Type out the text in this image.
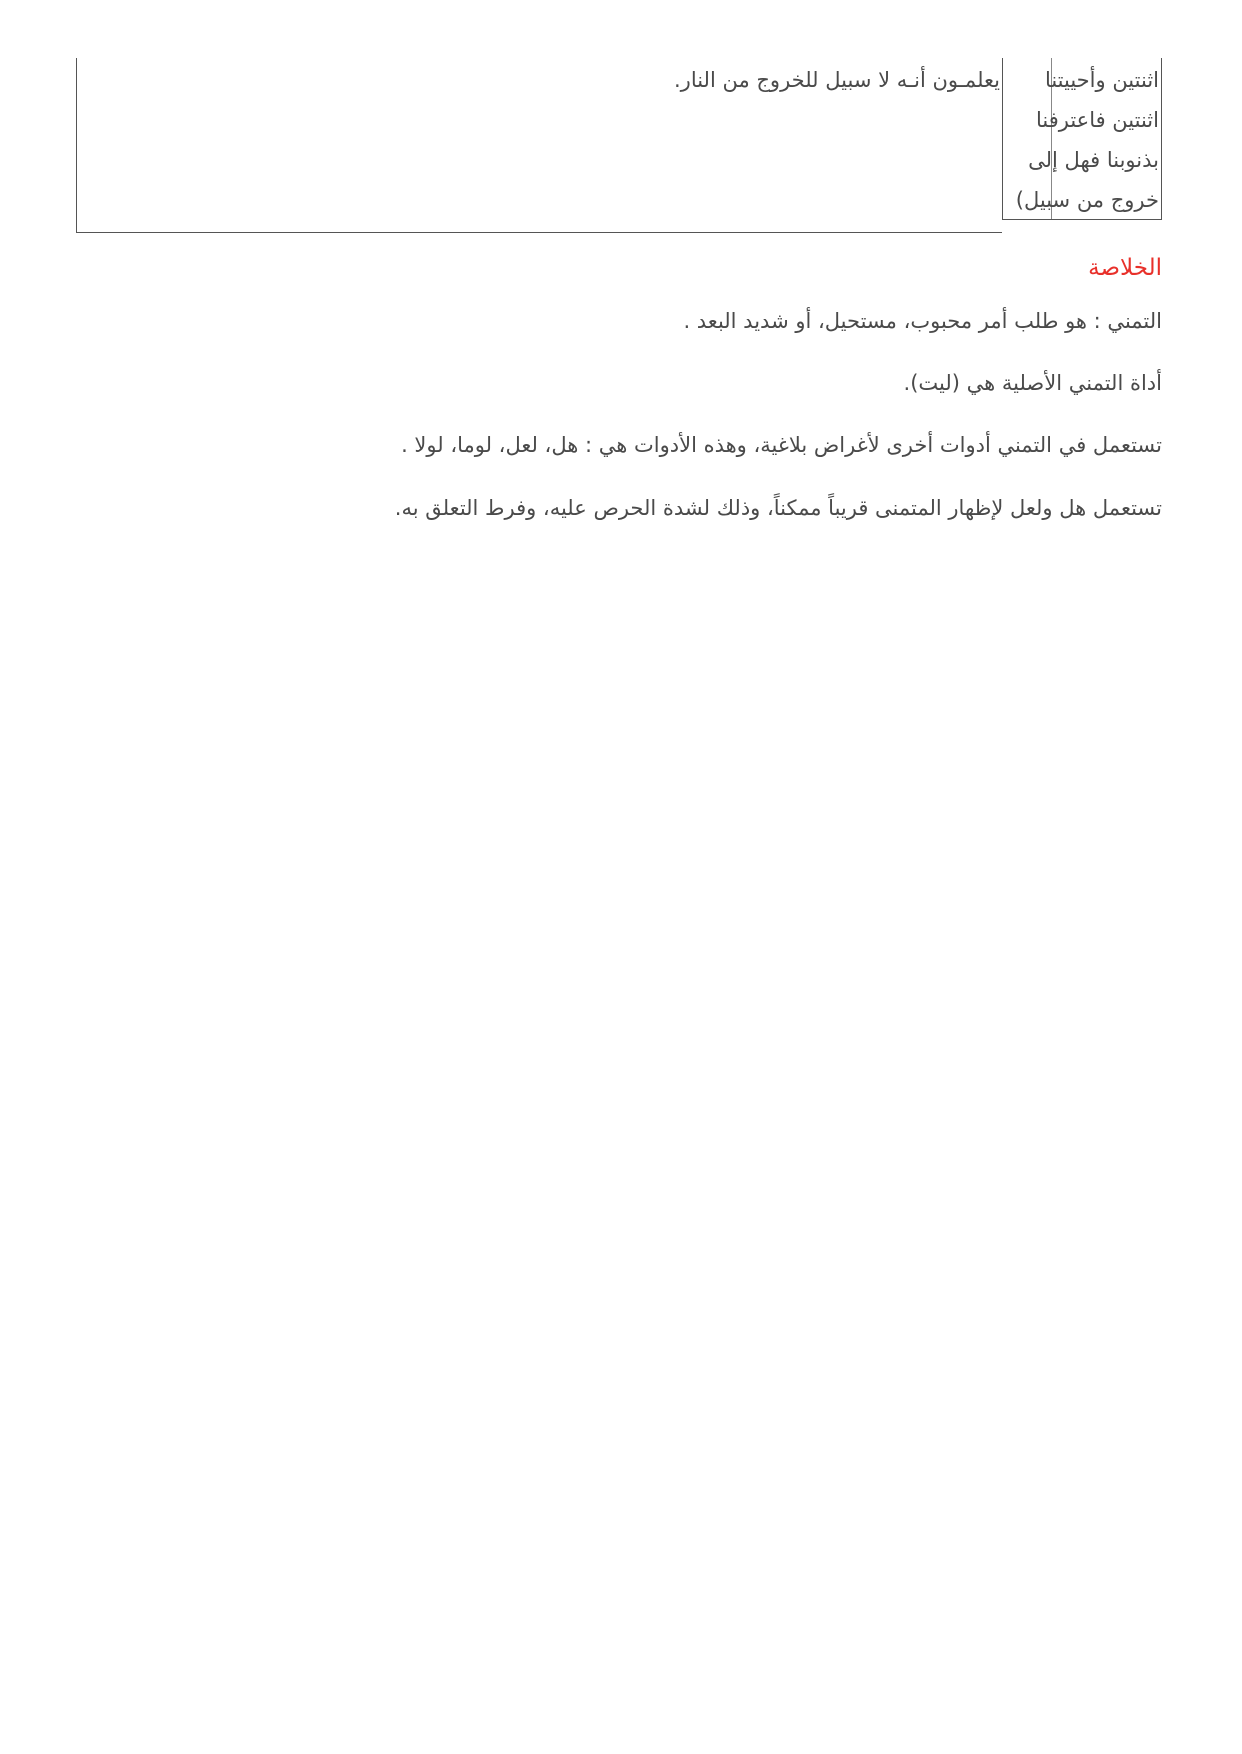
اثنتين وأحييتنا
اثنتين فاعترفنا
بذنوبنا فهل إلى
خروج من سبيل)
يعلمـون أنـه لا سبيل للخروج من النار.
الخلاصة
التمني : هو طلب أمر محبوب، مستحيل، أو شديد البعد .
أداة التمني الأصلية هي (ليت).
تستعمل في التمني أدوات أخرى لأغراض بلاغية، وهذه الأدوات هي : هل، لعل، لوما، لولا .
تستعمل هل ولعل لإظهار المتمنى قريباً ممكناً، وذلك لشدة الحرص عليه، وفرط التعلق به.
